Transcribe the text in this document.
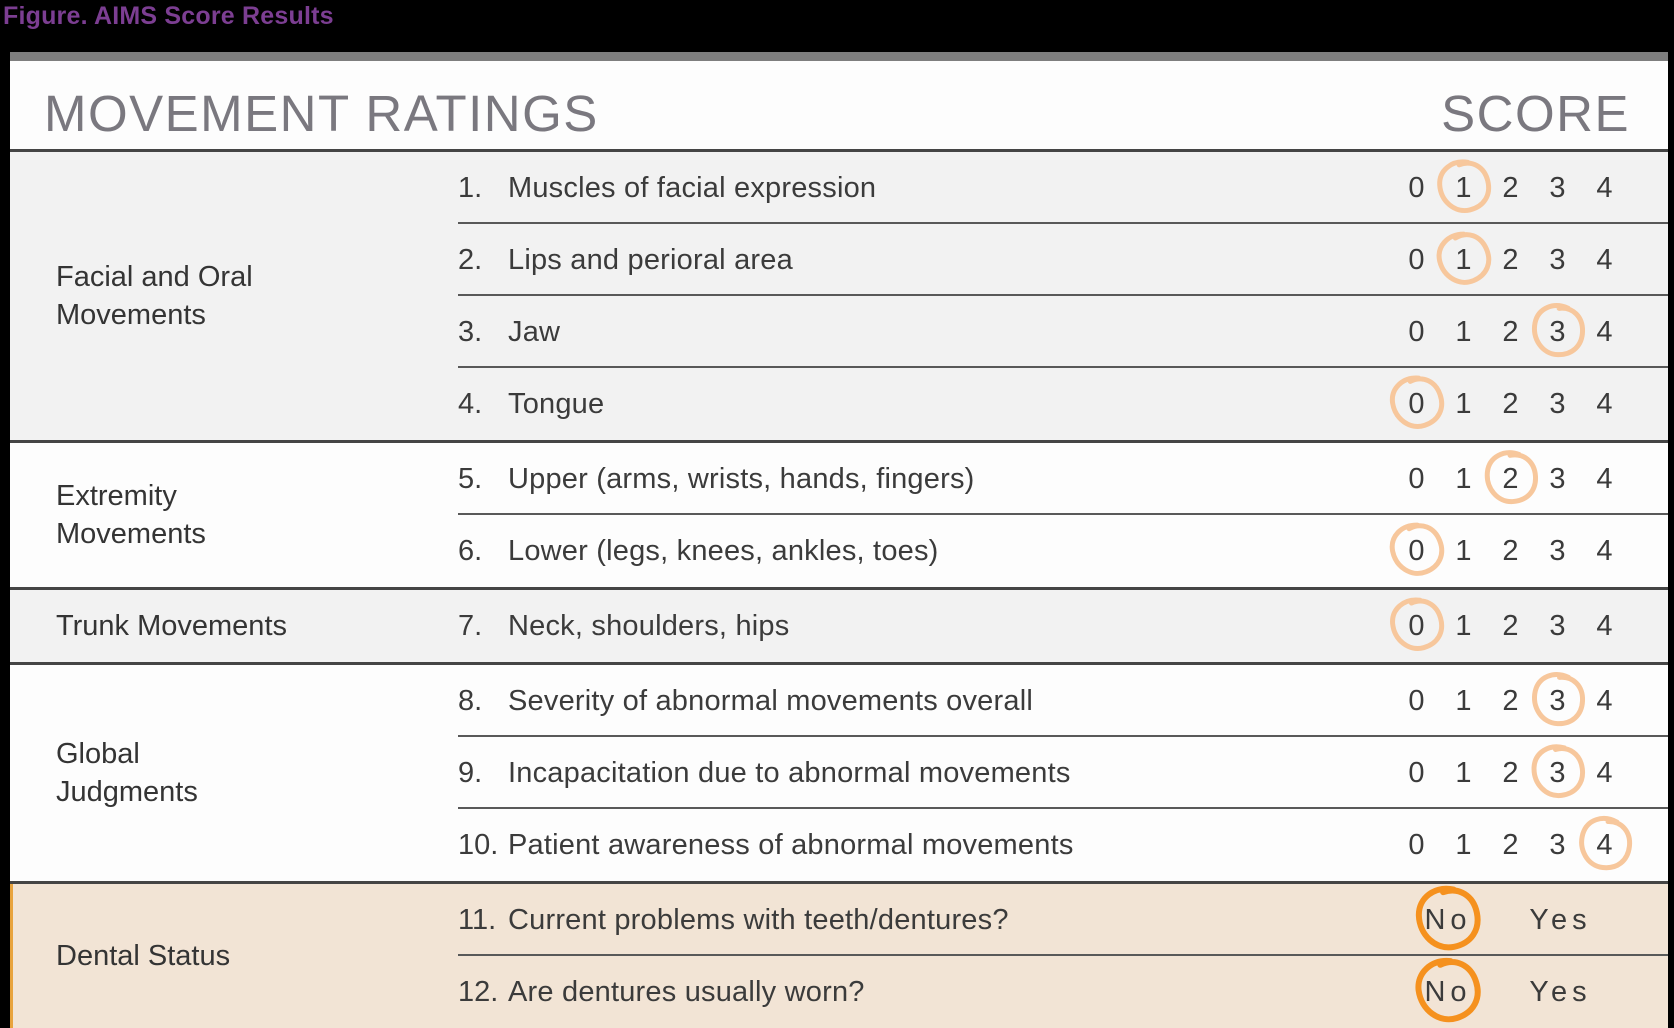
Figure. AIMS Score Results
MOVEMENT RATINGS	SCORE
Facial and Oral
Movements
1. Muscles of facial expression	0	1	2	3	4
2. Lips and perioral area	0	1	2	3	4
3. Jaw	0	1	2	3	4
4. Tongue	0	1	2	3	4
Extremity
Movements
5. Upper (arms, wrists, hands, fingers)	0	1	2	3	4
6. Lower (legs, knees, ankles, toes)	0	1	2	3	4
Trunk Movements	7. Neck, shoulders, hips	0	1	2	3	4
Global
Judgments
8. Severity of abnormal movements overall	0	1	2	3	4
9. Incapacitation due to abnormal movements	0	1	2	3	4
10. Patient awareness of abnormal movements	0	1	2	3	4
Dental Status
11. Current problems with teeth/dentures?	No	Yes
12. Are dentures usually worn?	No	Yes
